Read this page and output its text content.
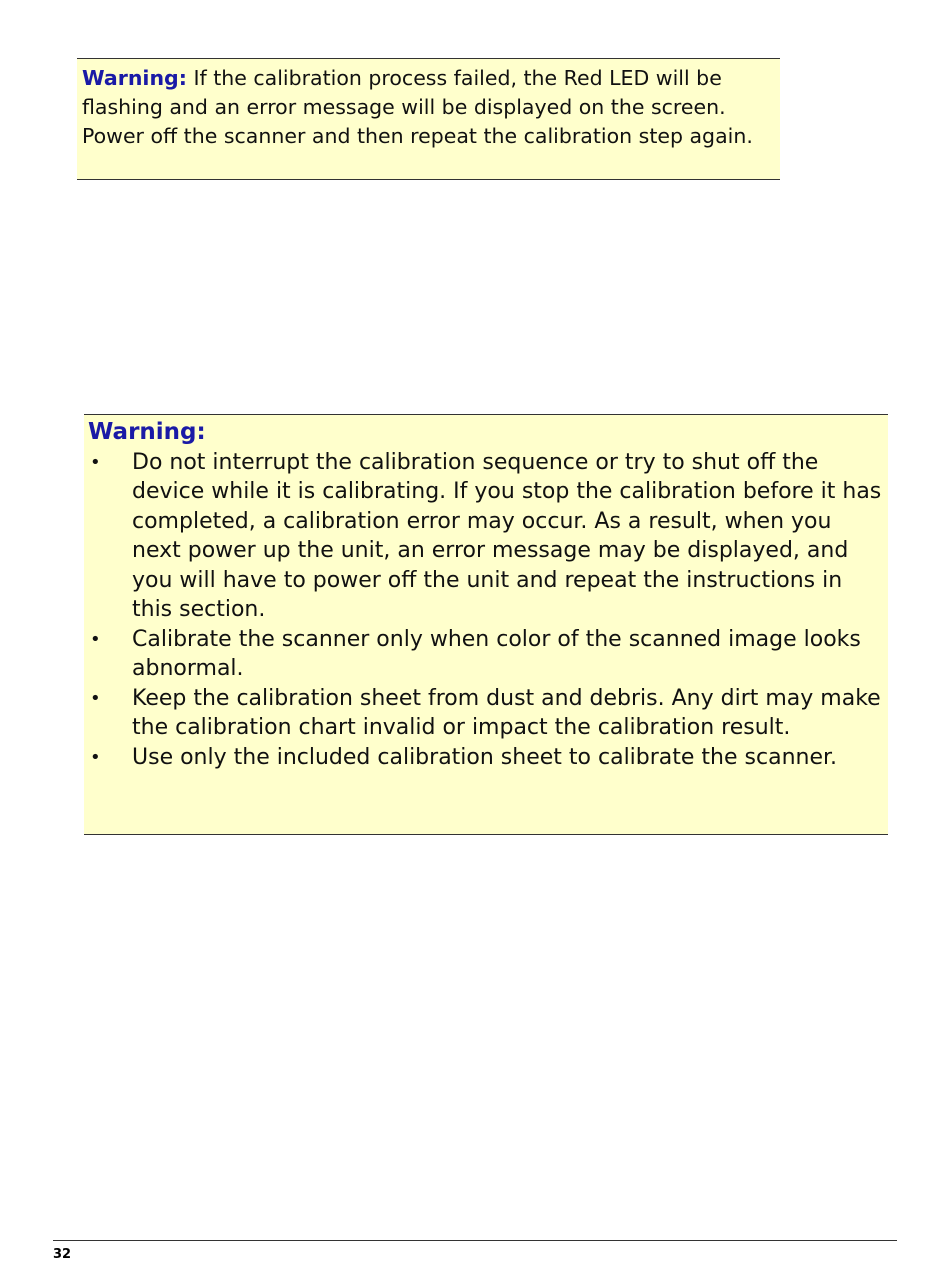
Warning: If the calibration process failed, the Red LED will be flashing and an error message will be displayed on the screen. Power off the scanner and then repeat the calibration step again.
Warning:
• Do not interrupt the calibration sequence or try to shut off the device while it is calibrating. If you stop the calibration before it has completed, a calibration error may occur. As a result, when you next power up the unit, an error message may be displayed, and you will have to power off the unit and repeat the instructions in this section.
• Calibrate the scanner only when color of the scanned image looks abnormal.
• Keep the calibration sheet from dust and debris. Any dirt may make the calibration chart invalid or impact the calibration result.
• Use only the included calibration sheet to calibrate the scanner.
32
